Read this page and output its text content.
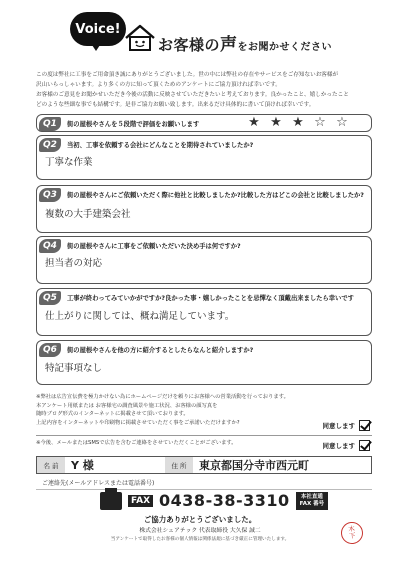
Voice!
お客様の声をお聞かせください
この度は弊社に工事をご用命頂き誠にありがとうございました。世の中には弊社の存在やサービスをご存知ないお客様が
沢山いらっしゃいます。より多くの方に知って頂くためのアンケートにご協力頂ければ幸いです。
お客様のご意見をお聞かせいただき今後の活動に反映させていただきたいと考えております。良かったこと、嬉しかったこと
どのような些細な事でも結構です。是非ご協力お願い致します。出来るだけ具体的に書いて頂ければ幸いです。
Q1	街の屋根やさんを５段階で評価をお願いします	★ ★ ★ ☆ ☆
Q2	当初、工事を依頼する会社にどんなことを期待されていましたか?
丁寧な作業
Q3	街の屋根やさんにご依頼いただく際に他社と比較しましたか?比較した方はどこの会社と比較しましたか?
複数の大手建築会社
Q4	街の屋根やさんに工事をご依頼いただいた決め手は何ですか?
担当者の対応
Q5	工事が終わってみていかがですか?良かった事・嬉しかったことを忌憚なく頂戴出来ましたら幸いです
仕上がりに関しては、概ね満足しています。
Q6	街の屋根やさんを他の方に紹介するとしたらなんと紹介しますか?
特記事項なし
※弊社は広告宣伝費を極力かけない為にホームページだけを頼りにお客様への営業活動を行っております。
本アンケート用紙または お客様宅の調査風景や施工状況、お客様の顔写真を
随時ブログ形式のインターネットに掲載させて頂いております。
上記内容をインターネットや印刷物に掲載させていただく事をご承諾いただけますか?	同意します
※今後、メールまたはSMSで広告を含むご連絡をさせていただくことがございます。	同意します
名 前	Y 様	住 所	東京都国分寺市西元町
ご連絡先(メールアドレスまたは電話番号)
FAX 0438-38-3310 本社直通
FAX 番号
ご協力ありがとうございました。
株式会社シェアテック 代表取締役 大久保 誠二
当アンケートで取得したお客様の個人情報は関係法規に基づき厳正に管理いたします。
木
下
